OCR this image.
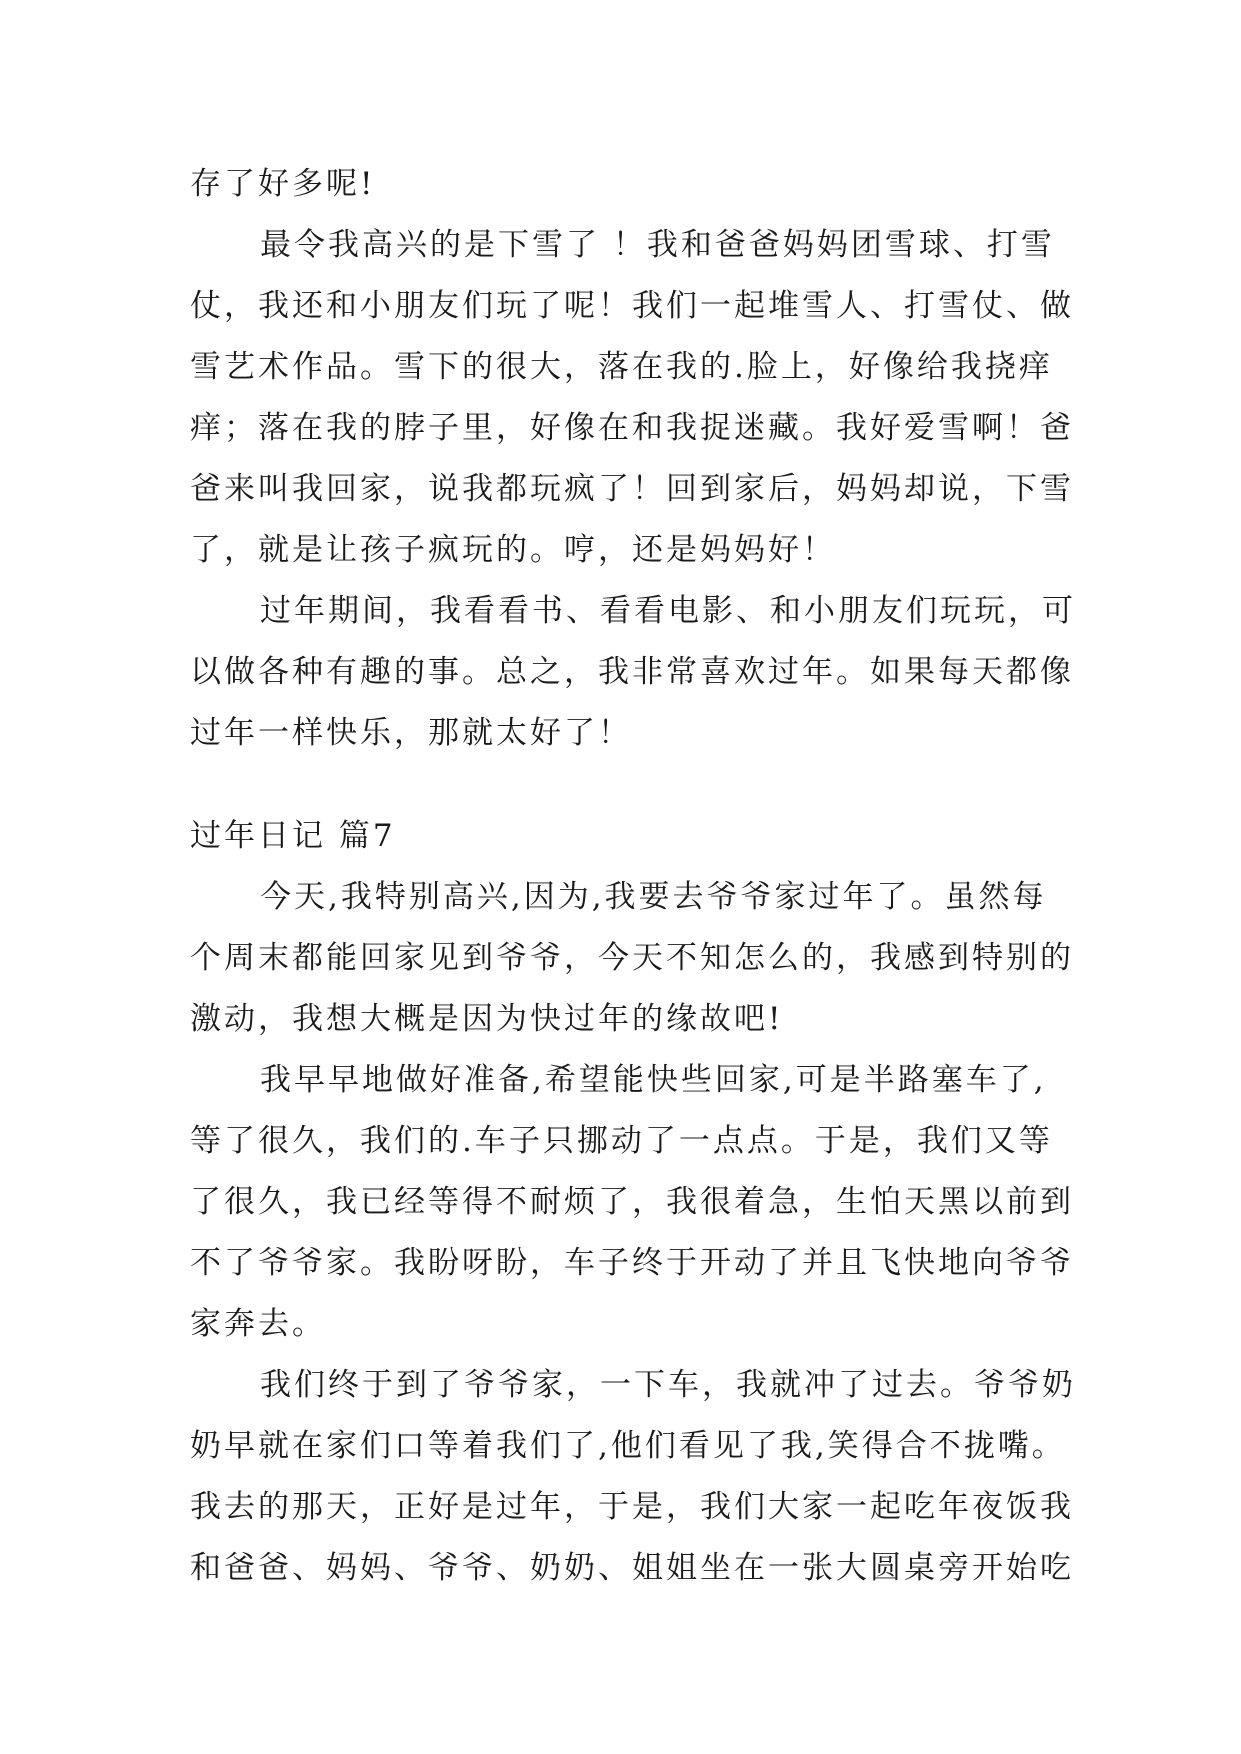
存了好多呢!
最令我高兴的是下雪了 ！我和爸爸妈妈团雪球、打雪
仗，我还和小朋友们玩了呢！我们一起堆雪人、打雪仗、做
雪艺术作品。雪下的很大，落在我的.脸上，好像给我挠痒
痒；落在我的脖子里，好像在和我捉迷藏。我好爱雪啊！爸
爸来叫我回家，说我都玩疯了！回到家后，妈妈却说，下雪
了，就是让孩子疯玩的。哼，还是妈妈好！
过年期间，我看看书、看看电影、和小朋友们玩玩，可
以做各种有趣的事。总之，我非常喜欢过年。如果每天都像
过年一样快乐，那就太好了！
过年日记 篇7
今天,我特别高兴,因为,我要去爷爷家过年了。虽然每
个周末都能回家见到爷爷，今天不知怎么的，我感到特别的
激动，我想大概是因为快过年的缘故吧!
我早早地做好准备,希望能快些回家,可是半路塞车了,
等了很久，我们的.车子只挪动了一点点。于是，我们又等
了很久，我已经等得不耐烦了，我很着急，生怕天黑以前到
不了爷爷家。我盼呀盼，车子终于开动了并且飞快地向爷爷
家奔去。
我们终于到了爷爷家，一下车，我就冲了过去。爷爷奶
奶早就在家们口等着我们了,他们看见了我,笑得合不拢嘴。
我去的那天，正好是过年，于是，我们大家一起吃年夜饭我
和爸爸、妈妈、爷爷、奶奶、姐姐坐在一张大圆桌旁开始吃
